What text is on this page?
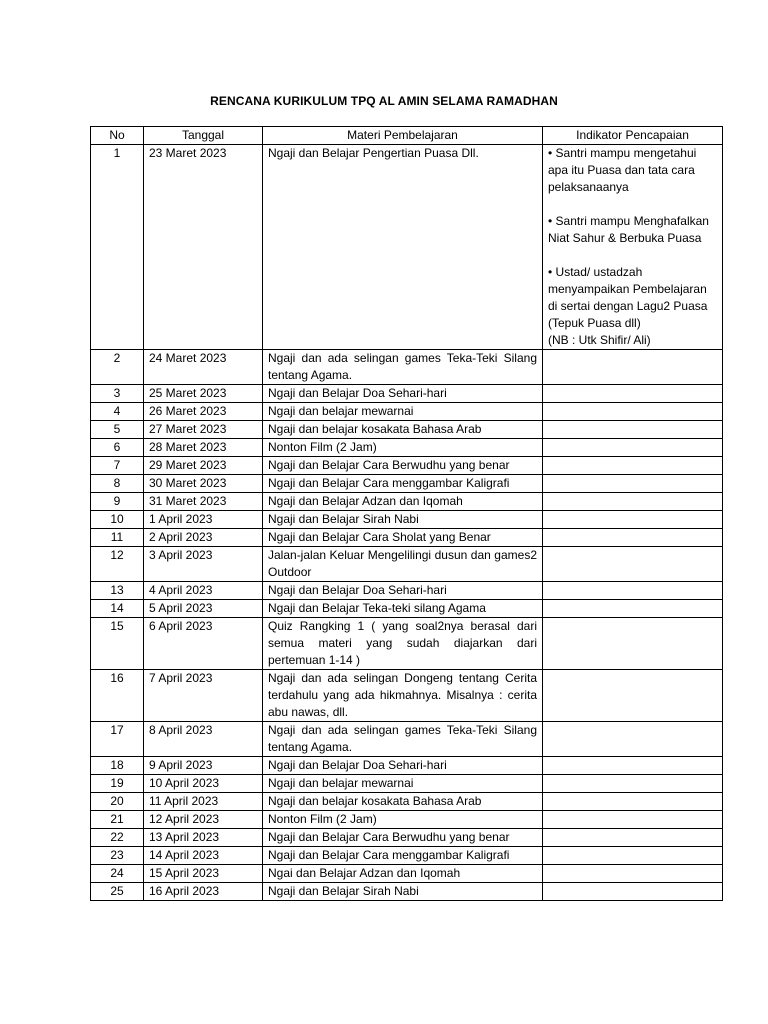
RENCANA KURIKULUM TPQ AL AMIN SELAMA RAMADHAN
No	Tanggal	Materi Pembelajaran	Indikator Pencapaian
1	23 Maret 2023	Ngaji dan Belajar Pengertian Puasa Dll.	• Santri mampu mengetahui apa itu Puasa dan tata cara pelaksanaanya
• Santri mampu Menghafalkan Niat Sahur & Berbuka Puasa
• Ustad/ ustadzah menyampaikan Pembelajaran di sertai dengan Lagu2 Puasa (Tepuk Puasa dll)
(NB : Utk Shifir/ Ali)

2	24 Maret 2023	Ngaji dan ada selingan games Teka-Teki Silang tentang Agama.	
3	25 Maret 2023	Ngaji dan Belajar Doa Sehari-hari	
4	26 Maret 2023	Ngaji dan belajar mewarnai	
5	27 Maret 2023	Ngaji dan belajar kosakata Bahasa Arab	
6	28 Maret 2023	Nonton Film (2 Jam)	
7	29 Maret 2023	Ngaji dan Belajar Cara Berwudhu yang benar	
8	30 Maret 2023	Ngaji dan Belajar Cara menggambar Kaligrafi	
9	31 Maret 2023	Ngaji dan Belajar Adzan dan Iqomah	
10	1 April 2023	Ngaji dan Belajar Sirah Nabi	
11	2 April 2023	Ngaji dan Belajar Cara Sholat yang Benar	
12	3 April 2023	Jalan-jalan Keluar Mengelilingi dusun dan games2 Outdoor	
13	4 April 2023	Ngaji dan Belajar Doa Sehari-hari	
14	5 April 2023	Ngaji dan Belajar Teka-teki silang Agama	
15	6 April 2023	Quiz Rangking 1 ( yang soal2nya berasal dari semua materi yang sudah diajarkan dari pertemuan 1-14 )	
16	7 April 2023	Ngaji dan ada selingan Dongeng tentang Cerita terdahulu yang ada hikmahnya. Misalnya : cerita abu nawas, dll.	
17	8 April 2023	Ngaji dan ada selingan games Teka-Teki Silang tentang Agama.	
18	9 April 2023	Ngaji dan Belajar Doa Sehari-hari	
19	10 April 2023	Ngaji dan belajar mewarnai	
20	11 April 2023	Ngaji dan belajar kosakata Bahasa Arab	
21	12 April 2023	Nonton Film (2 Jam)	
22	13 April 2023	Ngaji dan Belajar Cara Berwudhu yang benar	
23	14 April 2023	Ngaji dan Belajar Cara menggambar Kaligrafi	
24	15 April 2023	Ngai dan Belajar Adzan dan Iqomah	
25	16 April 2023	Ngaji dan Belajar Sirah Nabi	
